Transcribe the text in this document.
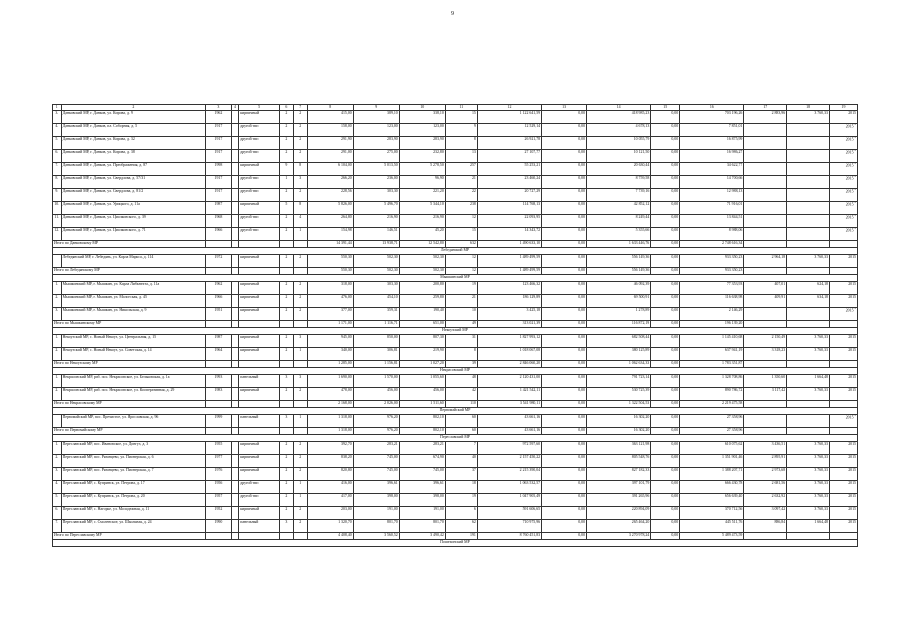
9
1	2	3	4	5	6	7	8	9	10	11	12	13	14	15	16	17	18	19
3.	Данковский МР, г. Данков, ул. Кирова, д. 9	1962		кирпичный	2	2	415,00	389,10	338,10	15	1 122 641,59	0,00	418 985,23	0,00	703 196,26	2 883,96	3 760,33	2015
4.	Данковский МР, г. Данков, пл. Соборная, д. 5	1917		другой тип	2	2	158,00	123,00	123,00	9	12 529,14	0,00	4 678,13	0,00	7 851,01			2015 $^2$
5.	Данковский МР, г. Данков, ул. Кирова, д. 32	1917		другой тип	2	2	291,90	283,90	283,90	8	26 921,78	0,00	10 055,79	0,00	16 875,99			2015 $^2$
6.	Данковский МР, г. Данков, ул. Кирова, д. 38	1917		другой тип	2	2	291,00	275,00	232,80	13	27 107,77	0,00	10 121,50	0,00	16 986,27			2015 $^2$
7.	Данковский МР, г. Данков, ул. Преображения, д. 87	1998		кирпичный	9	8	6 104,00	5 013,50	5 278,50	257	55 253,21	0,00	20 630,44	0,00	34 622,77			2015 $^2$
8.	Данковский МР, г. Данков, ул. Свердлова, д. 57/31	1917		другой тип	1	3	266,20	236,00	96,90	21	23 460,24	0,00	8 759,58	0,00	14 700,66			2015 $^2$
9.	Данковский МР, г. Данков, ул. Свердлова, д. 81/2	1917		другой тип	2	2	228,56	303,30	221,20	22	20 727,29	0,00	7 739,16	0,00	12 988,13			2015 $^2$
10.	Данковский МР, г. Данков, ул. Урицкого, д. 11а	1987		кирпичный	5	8	5 826,00	5 496,70	5 344,10	238	114 768,13	0,00	42 852,12	0,00	71 916,01			2015 $^2$
11.	Данковский МР, г. Данков, ул. Циолковского, д. 39	1968		другой тип	2	4	264,80	216,90	216,90	12	22 093,95	0,00	8 249,44	0,00	13 844,51			2015 $^2$
12.	Данковский МР, г. Данков, ул. Циолковского, д. 71	1966		другой тип	2	1	154,98	146,51	45,20	15	14 343,72	0,00	5 355,66	0,00	8 988,06			2015 $^2$
Итого по Данковскому МР							14 391,44	13 938,71	12 542,80	632	1 490 633,10	0,00	1 633 446,76	0,00	2 748 616,34			
Лебедянский МР																		
	Лебедянский МР, г. Лебедянь, ул. Карла Маркса, д. 114	1972		кирпичный	2	2	550,30	502,30	502,30	12	1 489 499,59	0,00	556 149,36	0,00	933 350,23	2 964,18	3 760,33	2015
Итого по Лебедянскому МР							550,30	502,30	502,30	12	1 489 499,59	0,00	556 149,36	0,00	933 350,23			
Мышкинский МР																		
1.	Мышкинский МР, г. Мышкин, ул. Карла Либкнехта, д. 11а	1962		кирпичный	2	2	318,00	303,30	200,80	19	123 466,32	0,00	46 092,39	0,00	77 353,93	407,01	624,18	2015
2.	Мышкинский МР, г. Мышкин, ул. Мологская, д. 45	1966		кирпичный	2	2	476,00	454,10	259,80	21	186 129,89	0,00	69 500,91	0,00	116 638,98	409,91	634,18	2015
3.	Мышкинский МР, г. Мышкин, ул. Никольская, д. 9	1951		кирпичный	2	2	377,00	359,31	190,40	10	3 425,18	0,00	1 278,89	0,00	2 146,29			2015 $^2$
Итого по Мышкинскому МР							1 171,00	1 116,71	651,00	49	313 021,39	0,00	116 872,19	0,00	196 139,20			
Некоузский МР																		
1.	Некоузский МР, с. Новый Некоуз, ул. Центральная, д. 15	1987		кирпичный	2	3	945,00	850,00	807,30	31	1 827 993,12	0,00	682 508,44	0,00	1 145 410,68	2 150,49	3 760,33	2015
2.	Некоузский МР, с. Новый Некоуз, ул. Советская, д. 14	1964		кирпичный	2	1	340,00	306,81	219,90	8	1 018 067,08	0,00	380 125,89	0,00	637 941,19	3 318,23	3 760,33	2015
Итого по Некоузскому МР							1 285,00	1 156,81	1 027,20	39	2 846 060,20	0,00	1 062 634,33	0,00	1 783 351,87			
Некрасовский МР																		
1.	Некрасовский МР, раб. пос. Некрасовское, ул. Бельковская, д. 1а	1993		панельный	3	3	1 690,00	1 570,00	1 055,60	48	2 120 431,00	0,00	791 723,14	0,00	1 328 708,86	1 350,60	1 664,48	2015
2.	Некрасовский МР, раб. пос. Некрасовское, ул. Кооперативная, д. 29	1983		кирпичный	2	2	478,00	456,00	456,00	42	1 421 542,11	0,00	530 725,39	0,00	890 786,72	3 117,42	3 760,33	2015
Итого по Некрасовскому МР							2 168,00	2 026,00	1 511,60	110	3 541 980,11	0,00	1 322 504,53	0,00	2 219 475,58			
Первомайский МР																		
	Первомайский МР, пос. Пречистое, ул. Ярославская, д. 96	1999		панельный	3	1	1 318,00	976,20	802,10	60	43 661,16	0,00	16 302,20	0,00	27 358,96			2015 $^2$
Итого по Первомайскому МР							1 318,00	976,20	802,10	60	43 661,16	0,00	16 302,20	0,00	27 358,96			
Переславский МР																		
1.	Переславский МР, пос. Ивановское, ул. Донгуз, д. 3	1955		кирпичный	2	2	392,70	283,21	283,21	7	972 597,60	0,00	363 121,98	0,00	610 075,62	3 436,51	3 760,33	2015
2.	Переславский МР, пос. Рязанцево, ул. Пионерская, д. 6	1977		кирпичный	2	2	838,20	745,00	674,90	40	2 157 450,22	0,00	805 548,76	0,00	1 351 901,46	2 895,91	3 760,33	2015
3.	Переславский МР, пос. Рязанцево, ул. Пионерская, д. 7	1976		кирпичный	2	2	820,80	745,00	745,00	37	2 215 390,04	0,00	827 182,33	0,00	1 388 207,71	2 973,68	3 760,33	2015
4.	Переславский МР, с. Купринск, ул. Петрова, д. 17	1956		другой тип	2	1	416,00	396,61	396,61	18	1 063 532,57	0,00	397 101,79	0,00	666 430,78	2 681,56	3 760,33	2015
5.	Переславский МР, с. Купринск, ул. Петрова, д. 20	1957		другой тип	2	1	417,00	398,00	398,00	19	1 047 905,49	0,00	391 265,96	0,00	656 639,40	2 632,92	3 760,33	2015
6.	Переславский МР, с. Нагорье, ул. Молодежная, д. 11	1952		кирпичный	2	2	203,00	191,00	191,00	6	591 606,65	0,00	220 894,09	0,00	370 712,56	3 097,42	3 760,33	2015
7.	Переславский МР, с. Смоленское, ул. Школьная, д. 24	1990		панельный	3	2	1 320,70	801,70	801,70	62	710 975,96	0,00	265 464,20	0,00	445 511,76	886,84	1 664,48	2015
Итого по Переславскому МР							4 408,40	3 560,52	3 490,42	191	8 760 451,83	0,00	3 270 978,24	0,00	5 489 473,59			
Пошехонский МР																		
